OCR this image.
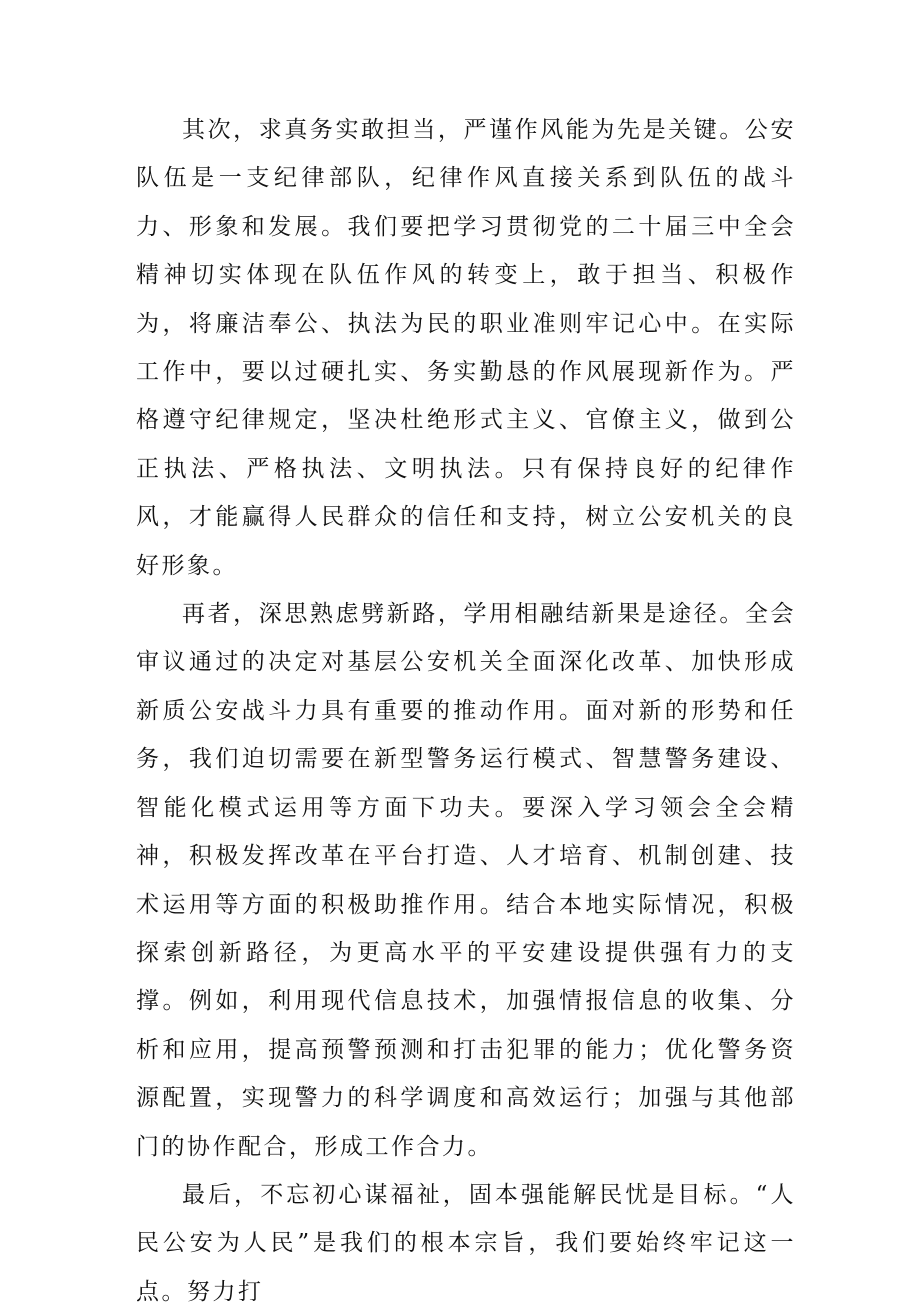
其次，求真务实敢担当，严谨作风能为先是关键。公安队伍是一支纪律部队，纪律作风直接关系到队伍的战斗力、形象和发展。我们要把学习贯彻党的二十届三中全会精神切实体现在队伍作风的转变上，敢于担当、积极作为，将廉洁奉公、执法为民的职业准则牢记心中。在实际工作中，要以过硬扎实、务实勤恳的作风展现新作为。严格遵守纪律规定，坚决杜绝形式主义、官僚主义，做到公正执法、严格执法、文明执法。只有保持良好的纪律作风，才能赢得人民群众的信任和支持，树立公安机关的良好形象。

再者，深思熟虑劈新路，学用相融结新果是途径。全会审议通过的决定对基层公安机关全面深化改革、加快形成新质公安战斗力具有重要的推动作用。面对新的形势和任务，我们迫切需要在新型警务运行模式、智慧警务建设、智能化模式运用等方面下功夫。要深入学习领会全会精神，积极发挥改革在平台打造、人才培育、机制创建、技术运用等方面的积极助推作用。结合本地实际情况，积极探索创新路径，为更高水平的平安建设提供强有力的支撑。例如，利用现代信息技术，加强情报信息的收集、分析和应用，提高预警预测和打击犯罪的能力；优化警务资源配置，实现警力的科学调度和高效运行；加强与其他部门的协作配合，形成工作合力。

最后，不忘初心谋福祉，固本强能解民忧是目标。“人民公安为人民”是我们的根本宗旨，我们要始终牢记这一点。努力打
